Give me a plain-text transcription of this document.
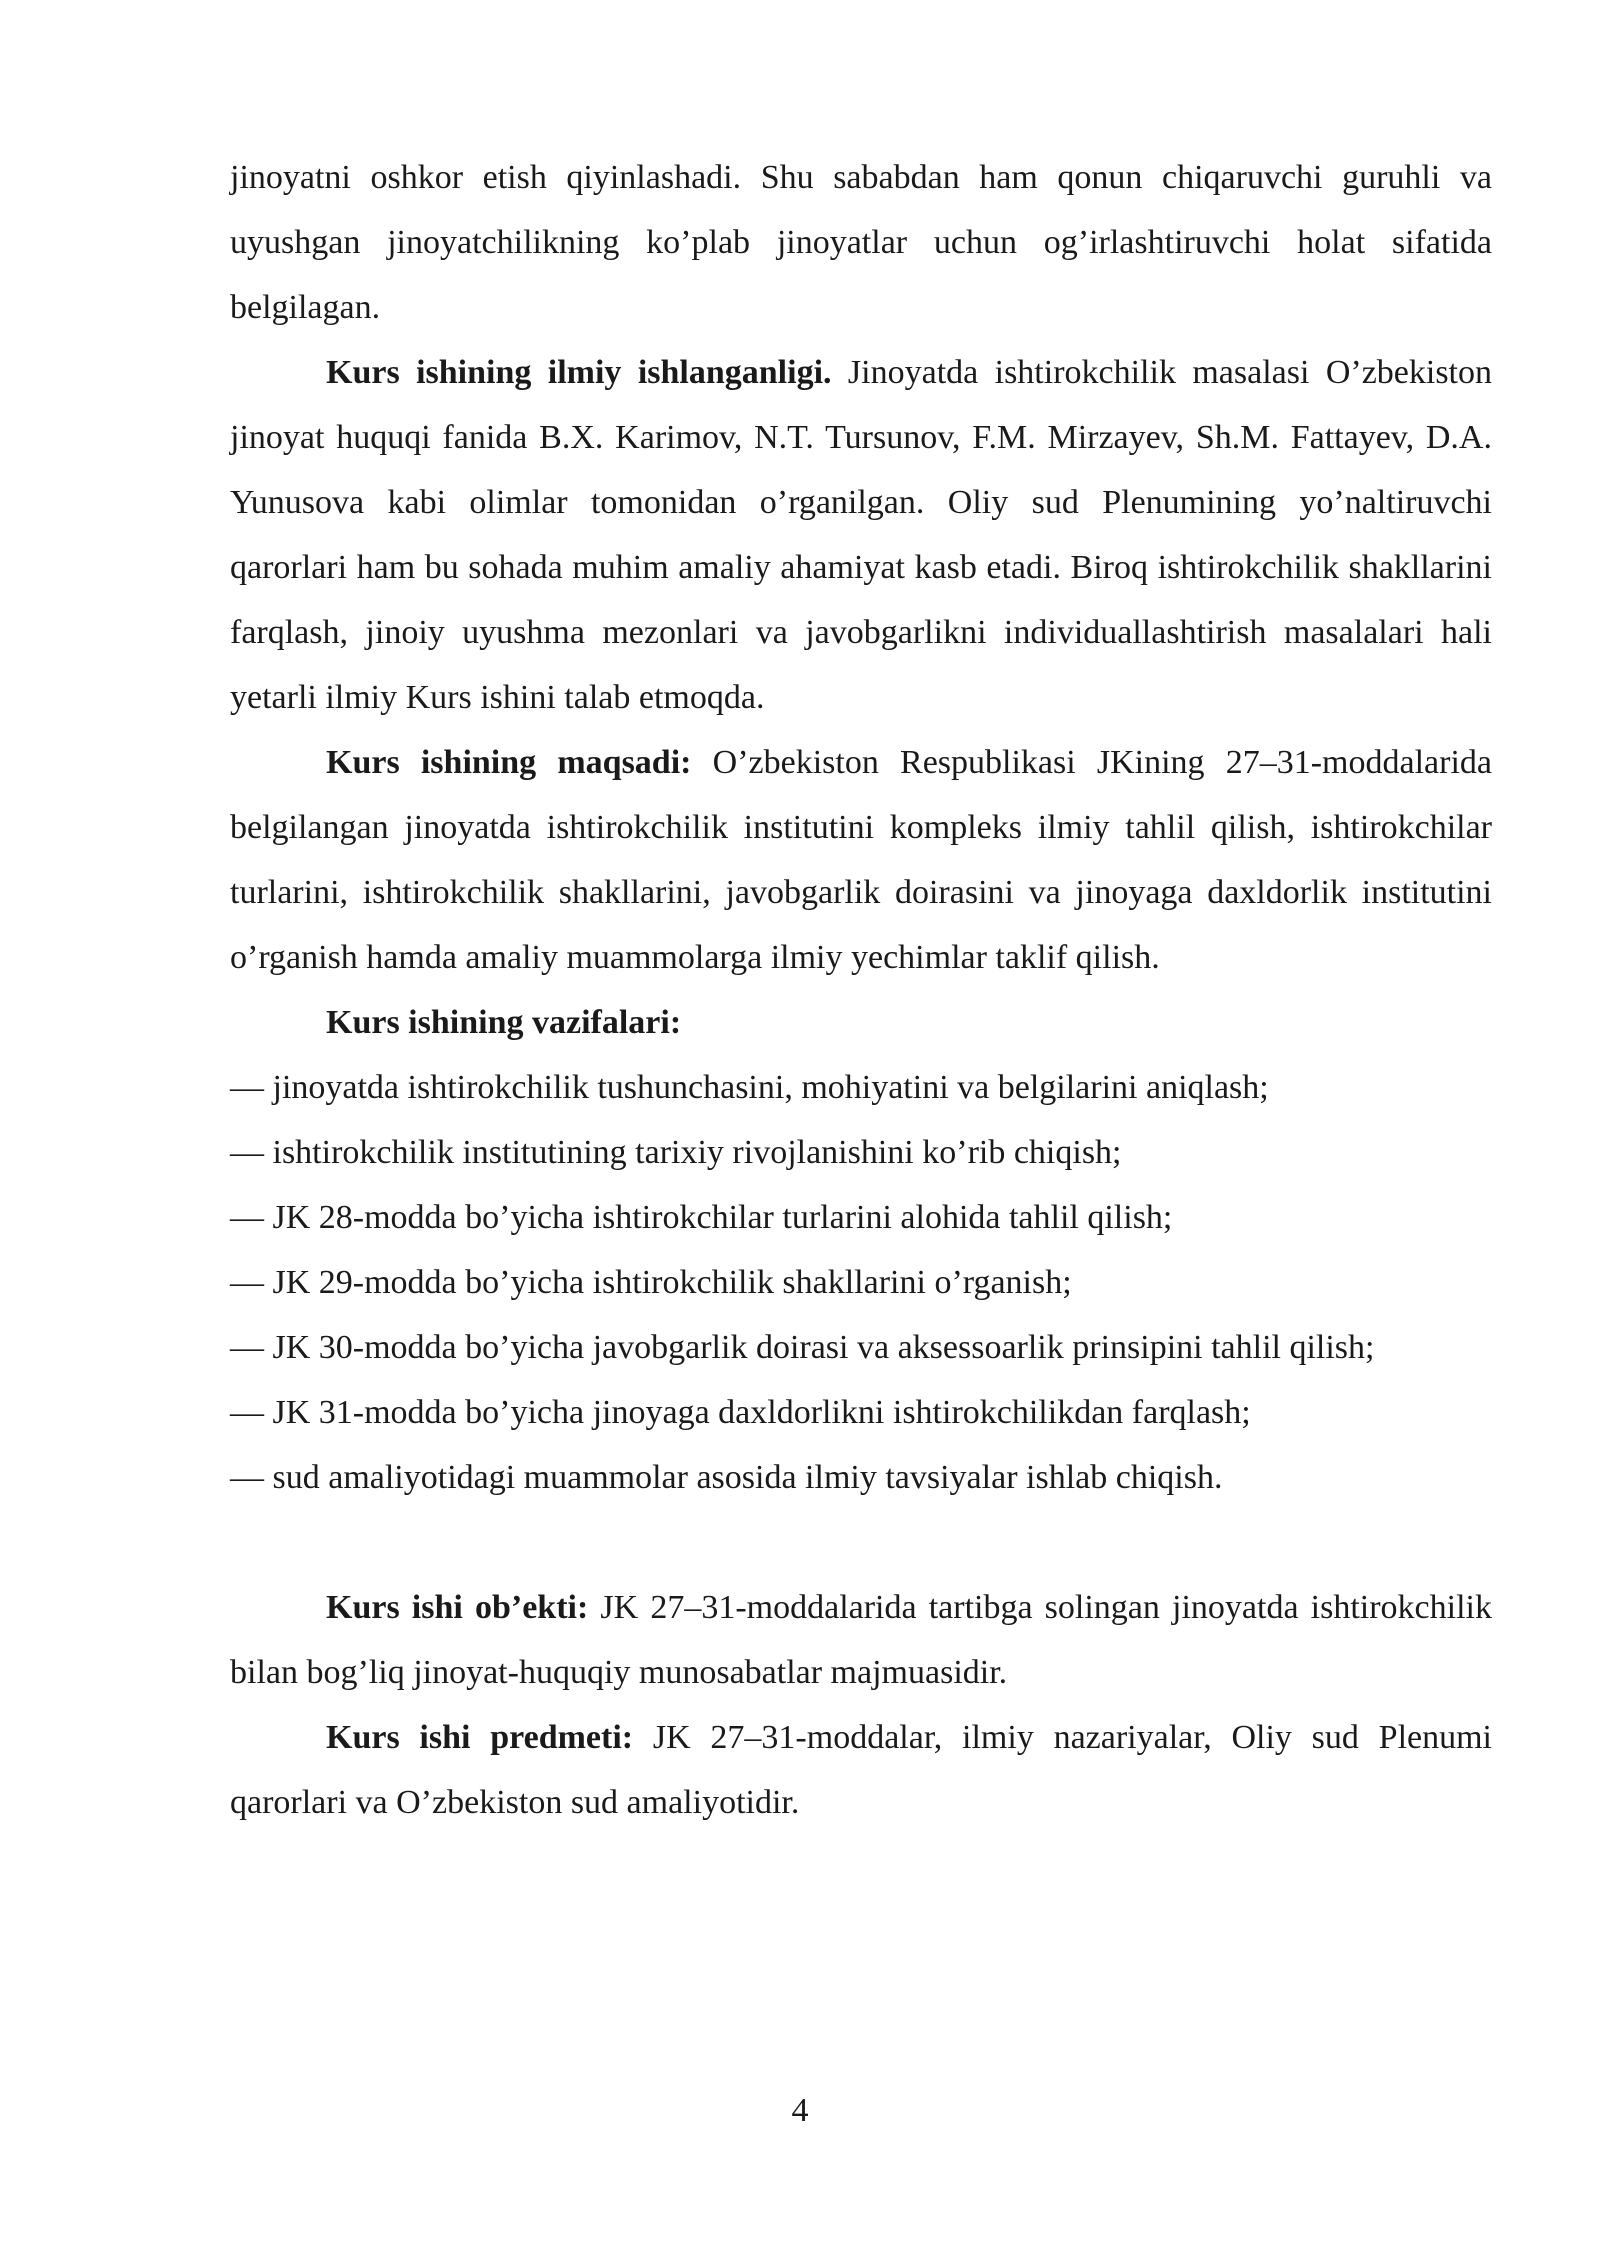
jinoyatni oshkor etish qiyinlashadi. Shu sababdan ham qonun chiqaruvchi guruhli va uyushgan jinoyatchilikning ko’plab jinoyatlar uchun og’irlashtiruvchi holat sifatida belgilagan.

Kurs ishining ilmiy ishlanganligi. Jinoyatda ishtirokchilik masalasi O’zbekiston jinoyat huquqi fanida B.X. Karimov, N.T. Tursunov, F.M. Mirzayev, Sh.M. Fattayev, D.A. Yunusova kabi olimlar tomonidan o’rganilgan. Oliy sud Plenumining yo’naltiruvchi qarorlari ham bu sohada muhim amaliy ahamiyat kasb etadi. Biroq ishtirokchilik shakllarini farqlash, jinoiy uyushma mezonlari va javobgarlikni individuallashtirish masalalari hali yetarli ilmiy Kurs ishini talab etmoqda.

Kurs ishining maqsadi: O’zbekiston Respublikasi JKining 27–31-moddalarida belgilangan jinoyatda ishtirokchilik institutini kompleks ilmiy tahlil qilish, ishtirokchilar turlarini, ishtirokchilik shakllarini, javobgarlik doirasini va jinoyaga daxldorlik institutini o’rganish hamda amaliy muammolarga ilmiy yechimlar taklif qilish.

Kurs ishining vazifalari:

— jinoyatda ishtirokchilik tushunchasini, mohiyatini va belgilarini aniqlash;

— ishtirokchilik institutining tarixiy rivojlanishini ko’rib chiqish;

— JK 28-modda bo’yicha ishtirokchilar turlarini alohida tahlil qilish;

— JK 29-modda bo’yicha ishtirokchilik shakllarini o’rganish;

— JK 30-modda bo’yicha javobgarlik doirasi va aksessoarlik prinsipini tahlil qilish;

— JK 31-modda bo’yicha jinoyaga daxldorlikni ishtirokchilikdan farqlash;

— sud amaliyotidagi muammolar asosida ilmiy tavsiyalar ishlab chiqish.

Kurs ishi ob’ekti: JK 27–31-moddalarida tartibga solingan jinoyatda ishtirokchilik bilan bog’liq jinoyat-huquqiy munosabatlar majmuasidir.

Kurs ishi predmeti: JK 27–31-moddalar, ilmiy nazariyalar, Oliy sud Plenumi qarorlari va O’zbekiston sud amaliyotidir.

4
